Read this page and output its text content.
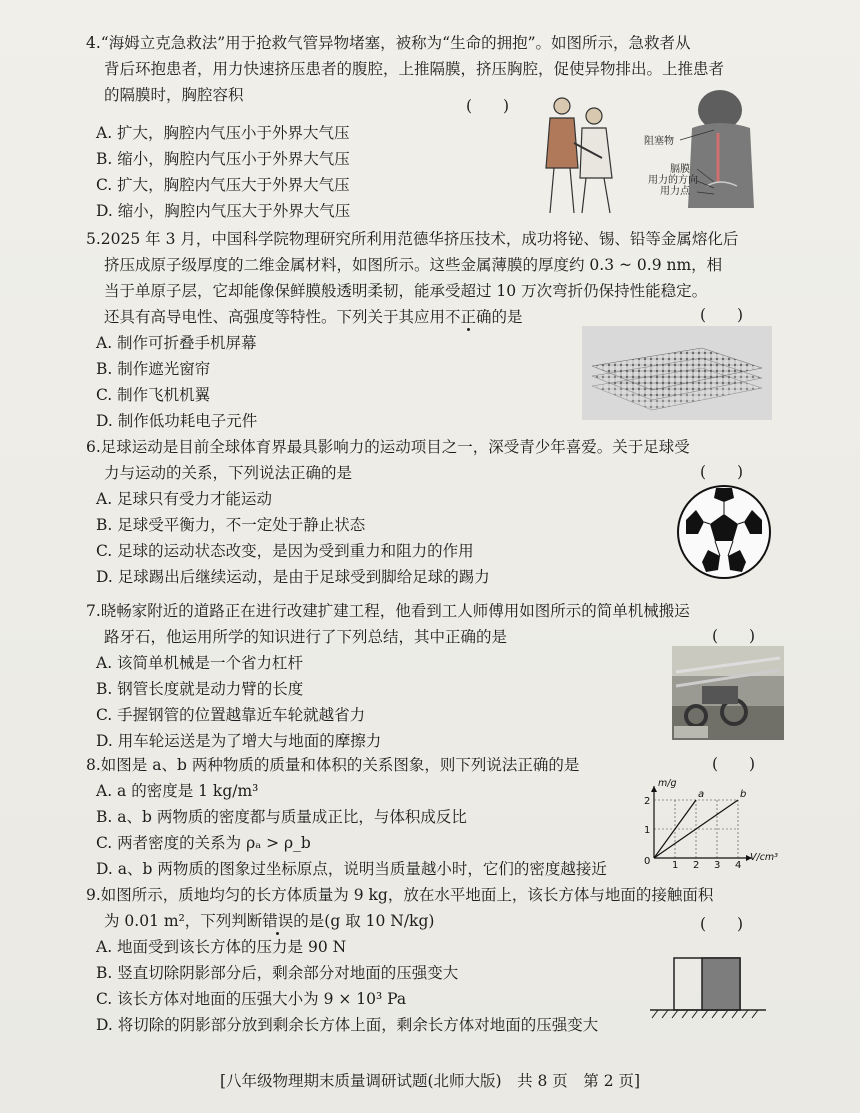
4.“海姆立克急救法”用于抢救气管异物堵塞，被称为“生命的拥抱”。如图所示，急救者从
背后环抱患者，用力快速挤压患者的腹腔，上推隔膜，挤压胸腔，促使异物排出。上推患者
的隔膜时，胸腔容积
(　　)
A. 扩大，胸腔内气压小于外界大气压
B. 缩小，胸腔内气压小于外界大气压
C. 扩大，胸腔内气压大于外界大气压
D. 缩小，胸腔内气压大于外界大气压
阻塞物
膈膜
用力的方向
用力点
5.2025 年 3 月，中国科学院物理研究所利用范德华挤压技术，成功将铋、锡、铅等金属熔化后
挤压成原子级厚度的二维金属材料，如图所示。这些金属薄膜的厚度约 0.3 ~ 0.9 nm，相
当于单原子层，它却能像保鲜膜般透明柔韧，能承受超过 10 万次弯折仍保持性能稳定。
还具有高导电性、高强度等特性。下列关于其应用不正确的是	(　　)
A. 制作可折叠手机屏幕
B. 制作遮光窗帘
C. 制作飞机机翼
D. 制作低功耗电子元件
6.足球运动是目前全球体育界最具影响力的运动项目之一，深受青少年喜爱。关于足球受
力与运动的关系，下列说法正确的是	(　　)
A. 足球只有受力才能运动
B. 足球受平衡力，不一定处于静止状态
C. 足球的运动状态改变，是因为受到重力和阻力的作用
D. 足球踢出后继续运动，是由于足球受到脚给足球的踢力
7.晓畅家附近的道路正在进行改建扩建工程，他看到工人师傅用如图所示的简单机械搬运
路牙石，他运用所学的知识进行了下列总结，其中正确的是	(　　)
A. 该简单机械是一个省力杠杆
B. 钢管长度就是动力臂的长度
C. 手握钢管的位置越靠近车轮就越省力
D. 用车轮运送是为了增大与地面的摩擦力
8.如图是 a、b 两种物质的质量和体积的关系图象，则下列说法正确的是	(　　)
A. a 的密度是 1 kg/m³
B. a、b 两物质的密度都与质量成正比，与体积成反比
C. 两者密度的关系为 ρₐ > ρ_b
D. a、b 两物质的图象过坐标原点，说明当质量越小时，它们的密度越接近
a	b
1 2 3 4
0
1
2
V/cm³
m/g
9.如图所示，质地均匀的长方体质量为 9 kg，放在水平地面上，该长方体与地面的接触面积
为 0.01 m²，下列判断错误的是(g 取 10 N/kg)	(　　)
A. 地面受到该长方体的压力是 90 N
B. 竖直切除阴影部分后，剩余部分对地面的压强变大
C. 该长方体对地面的压强大小为 9 × 10³ Pa
D. 将切除的阴影部分放到剩余长方体上面，剩余长方体对地面的压强变大
[八年级物理期末质量调研试题(北师大版)　共 8 页　第 2 页]
